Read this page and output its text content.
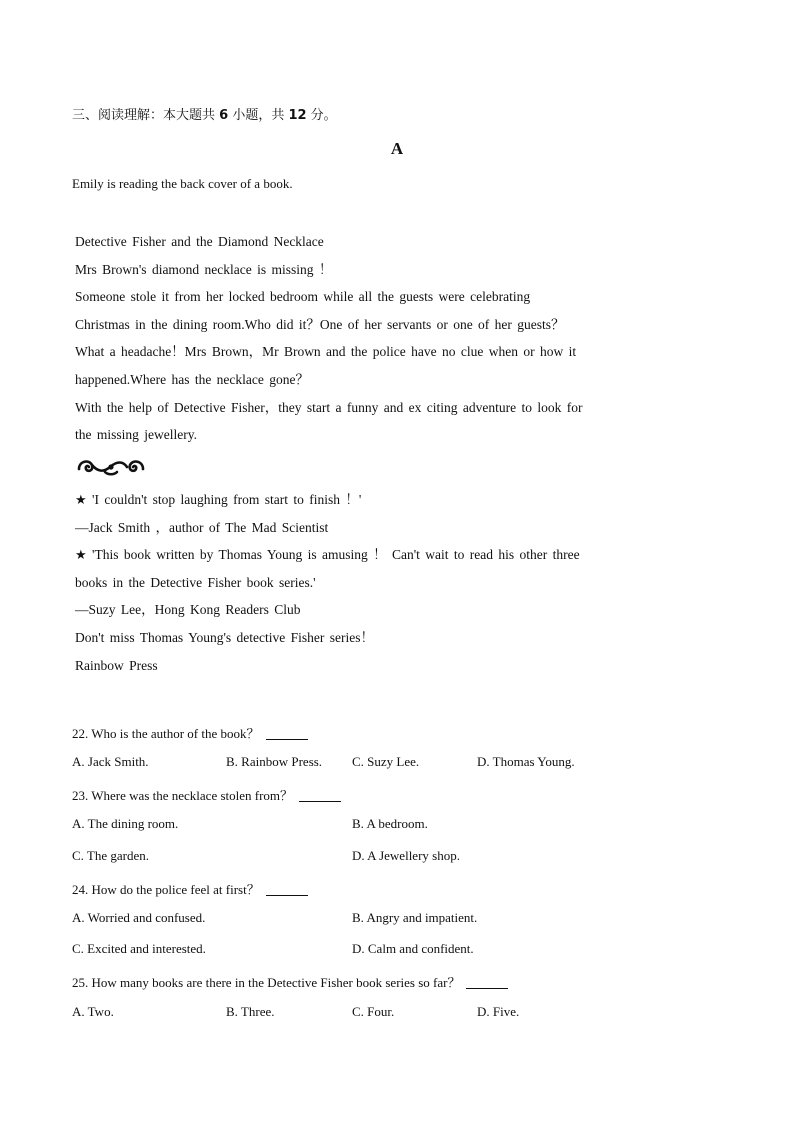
三、阅读理解：本大题共 6 小题，共 12 分。
A
Emily is reading the back cover of a book.
Detective Fisher and the Diamond Necklace
Mrs Brown's diamond necklace is missing ！
Someone stole it from her locked bedroom while all the guests were celebrating
Christmas in the dining room.Who did it？One of her servants or one of her guests？
What a headache！Mrs Brown，Mr Brown and the police have no clue when or how it
happened.Where has the necklace gone？
With the help of Detective Fisher，they start a funny and ex citing adventure to look for
the missing jewellery.
★ 'I couldn't stop laughing from start to finish ！'
—Jack Smith ，author of The Mad Scientist
★ 'This book written by Thomas Young is amusing ！ Can't wait to read his other three
books in the Detective Fisher book series.'
—Suzy Lee，Hong Kong Readers Club
Don't miss Thomas Young's detective Fisher series！
Rainbow Press
22. Who is the author of the book？
A. Jack Smith.	B. Rainbow Press. C. Suzy Lee.	D. Thomas Young.
23. Where was the necklace stolen from？
A. The dining room.	B. A bedroom.
C. The garden.	D. A Jewellery shop.
24. How do the police feel at first？
A. Worried and confused.	B. Angry and impatient.
C. Excited and interested.	D. Calm and confident.
25. How many books are there in the Detective Fisher book series so far？
A. Two.	B. Three.	C. Four.	D. Five.
